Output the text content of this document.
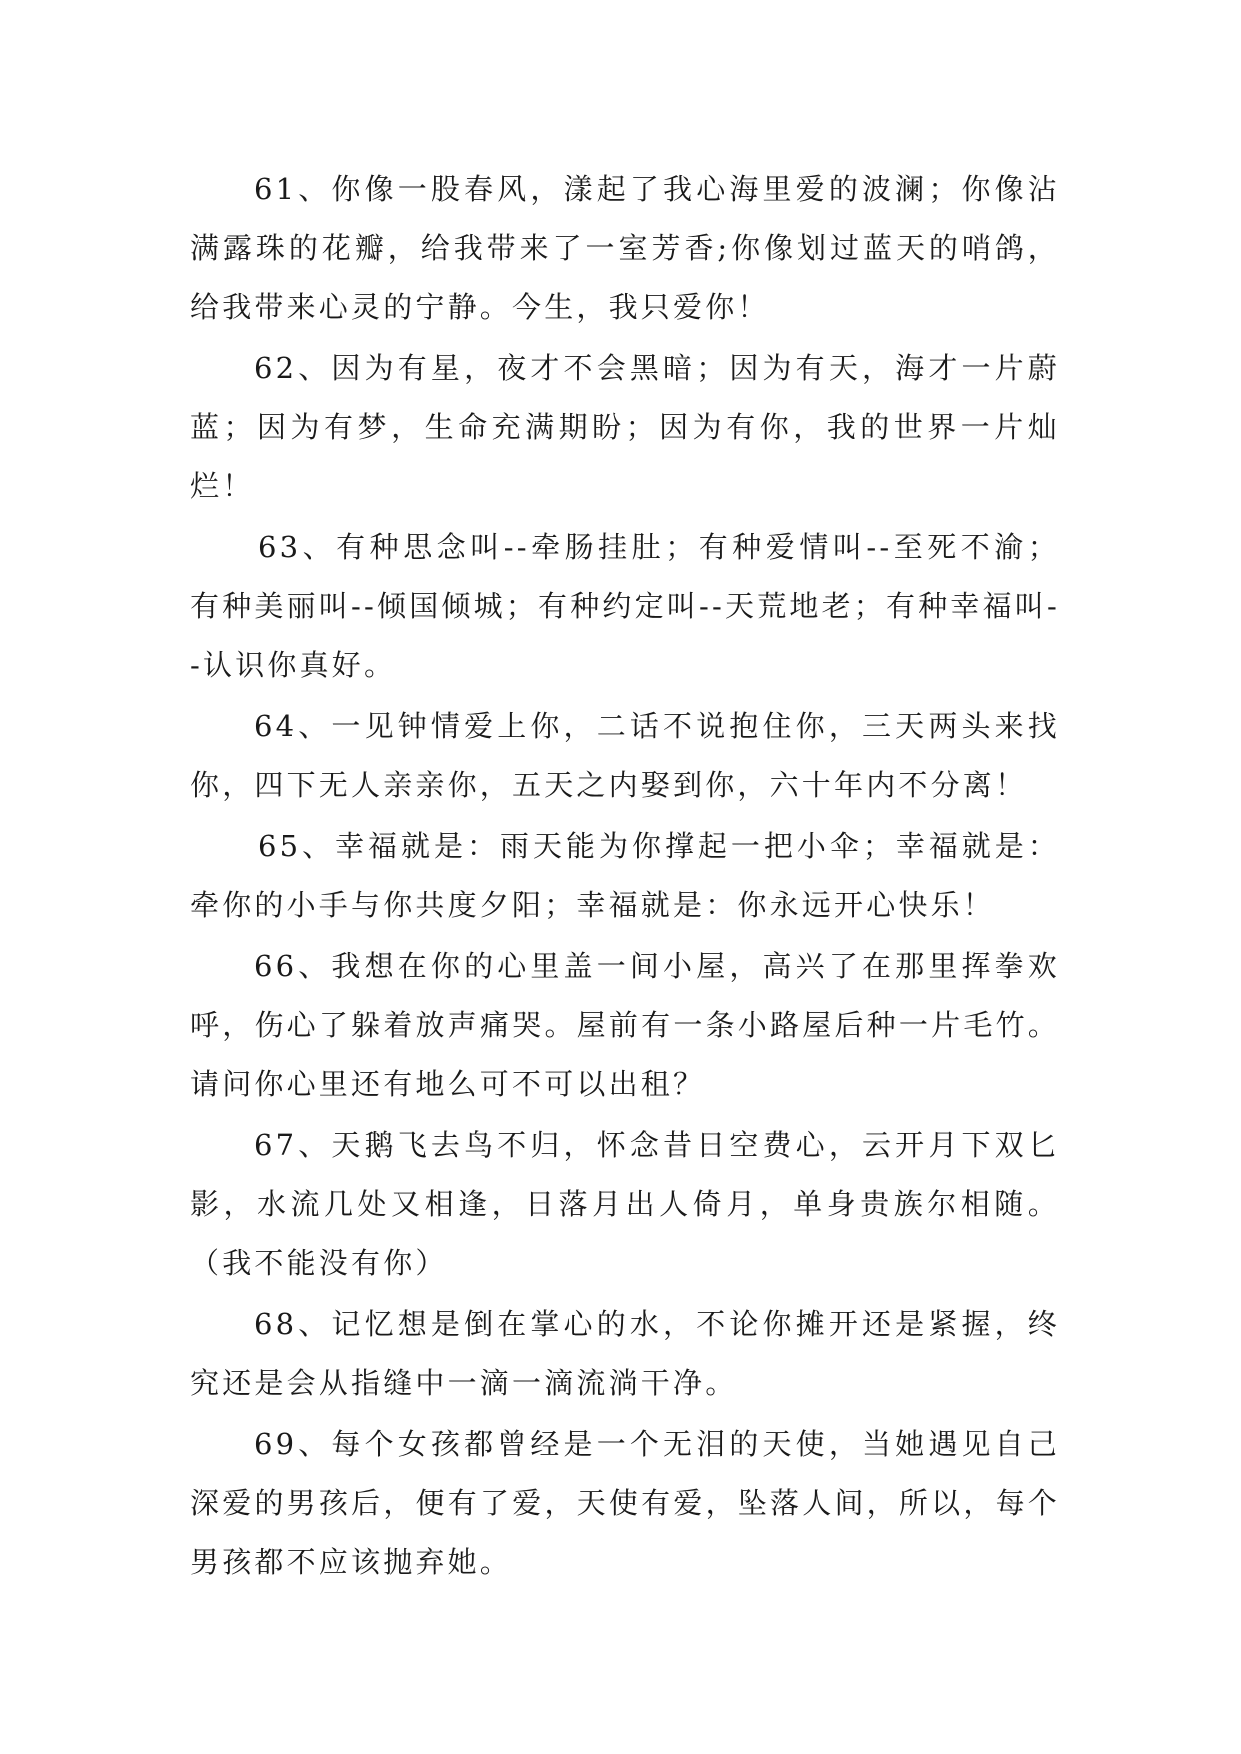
61、你像一股春风，漾起了我心海里爱的波澜；你像沾满露珠的花瓣，给我带来了一室芳香;你像划过蓝天的哨鸽，给我带来心灵的宁静。今生，我只爱你！

62、因为有星，夜才不会黑暗；因为有天，海才一片蔚蓝；因为有梦，生命充满期盼；因为有你，我的世界一片灿烂！

63、有种思念叫--牵肠挂肚；有种爱情叫--至死不渝；有种美丽叫--倾国倾城；有种约定叫--天荒地老；有种幸福叫--认识你真好。

64、一见钟情爱上你，二话不说抱住你，三天两头来找你，四下无人亲亲你，五天之内娶到你，六十年内不分离！

65、幸福就是：雨天能为你撑起一把小伞；幸福就是：牵你的小手与你共度夕阳；幸福就是：你永远开心快乐！

66、我想在你的心里盖一间小屋，高兴了在那里挥拳欢呼，伤心了躲着放声痛哭。屋前有一条小路屋后种一片毛竹。请问你心里还有地么可不可以出租？

67、天鹅飞去鸟不归，怀念昔日空费心，云开月下双匕影，水流几处又相逢，日落月出人倚月，单身贵族尔相随。（我不能没有你）

68、记忆想是倒在掌心的水，不论你摊开还是紧握，终究还是会从指缝中一滴一滴流淌干净。

69、每个女孩都曾经是一个无泪的天使，当她遇见自己深爱的男孩后，便有了爱，天使有爱，坠落人间，所以，每个男孩都不应该抛弃她。
